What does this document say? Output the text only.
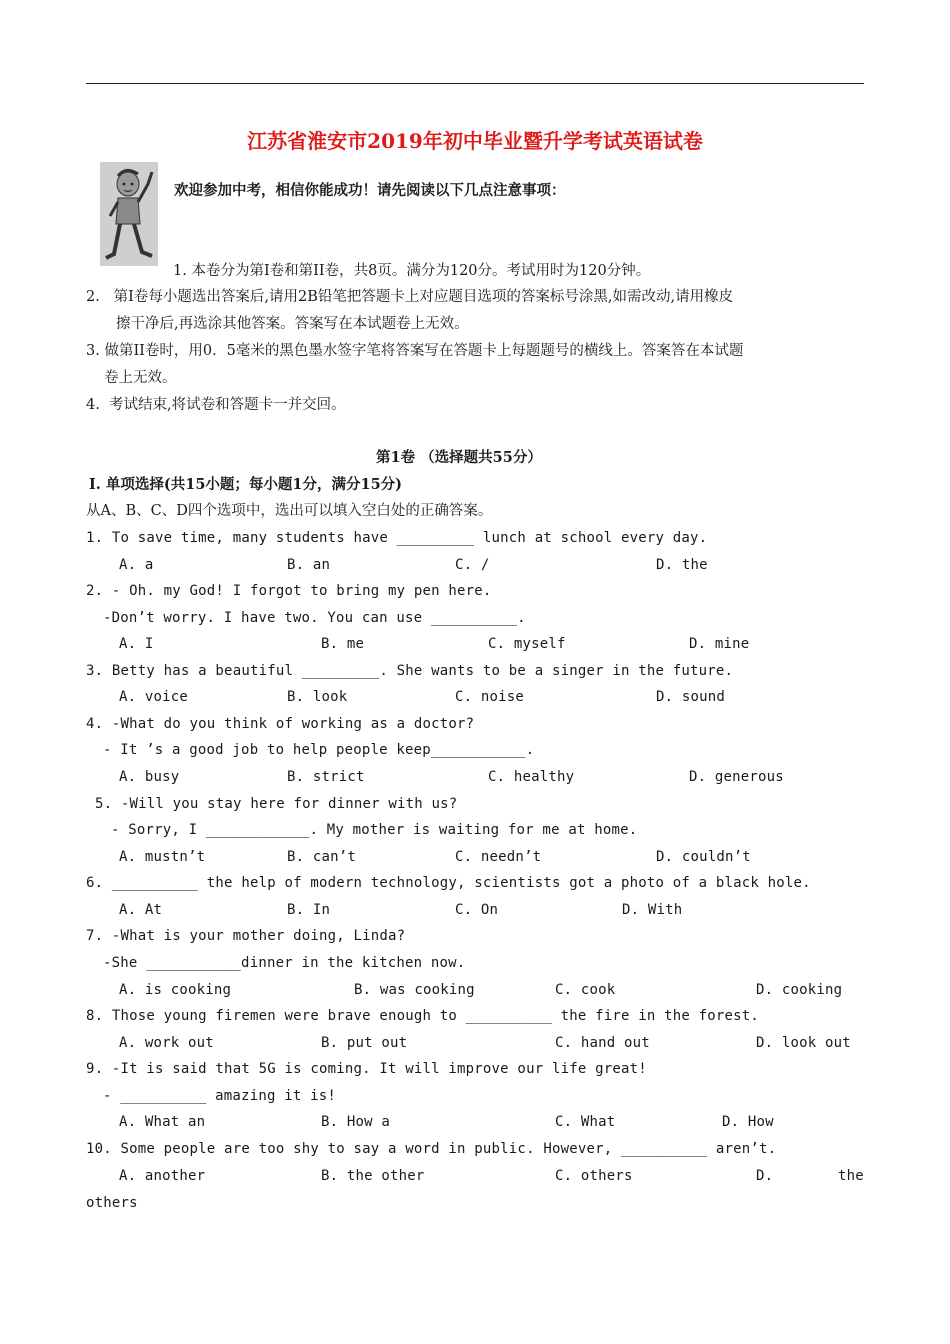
江苏省淮安市2019年初中毕业暨升学考试英语试卷
欢迎参加中考，相信你能成功！请先阅读以下几点注意事项：
1. 本卷分为第Ⅰ卷和第II卷，共8页。满分为120分。考试用时为120分钟。
2.   第Ⅰ卷每小题选出答案后,请用2B铅笔把答题卡上对应题目选项的答案标号涂黑,如需改动,请用橡皮
擦干净后,再选涂其他答案。答案写在本试题卷上无效。
3. 做第II卷时，用0．5毫米的黑色墨水签字笔将答案写在答题卡上每题题号的横线上。答案答在本试题
卷上无效。
4.  考试结束,将试卷和答题卡一并交回。
第1卷 （选择题共55分）
Ⅰ. 单项选择(共15小题；每小题1分，满分15分)
从A、B、C、D四个选项中，选出可以填入空白处的正确答案。
1. To save time, many students have _________ lunch at school every day.
A. a	B. an	C. /	D. the
2. - Oh. my God! I forgot to bring my pen here.
-Don’t worry. I have two. You can use __________.
A. I	B. me	C. myself	D. mine
3. Betty has a beautiful _________. She wants to be a singer in the future.
A. voice	B. look	C. noise	D. sound
4. -What do you think of working as a doctor?
- It ’s a good job to help people keep___________.
A. busy	B. strict	C. healthy	D. generous
5. -Will you stay here for dinner with us?
- Sorry, I ____________. My mother is waiting for me at home.
A. mustn’t	B. can’t	C. needn’t	D. couldn’t
6. __________ the help of modern technology, scientists got a photo of a black hole.
A. At	B. In	C. On	D. With
7. -What is your mother doing, Linda?
-She ___________dinner in the kitchen now.
A. is cooking	B. was cooking	C. cook	D. cooking
8. Those young firemen were brave enough to __________ the fire in the forest.
A. work out	B. put out	C. hand out	D. look out
9. -It is said that 5G is coming. It will improve our life great!
- __________ amazing it is!
A. What an	B. How a	C. What	D. How
10. Some people are too shy to say a word in public. However, __________ aren’t.
A. another	B. the other	C. others	D.	the
others
